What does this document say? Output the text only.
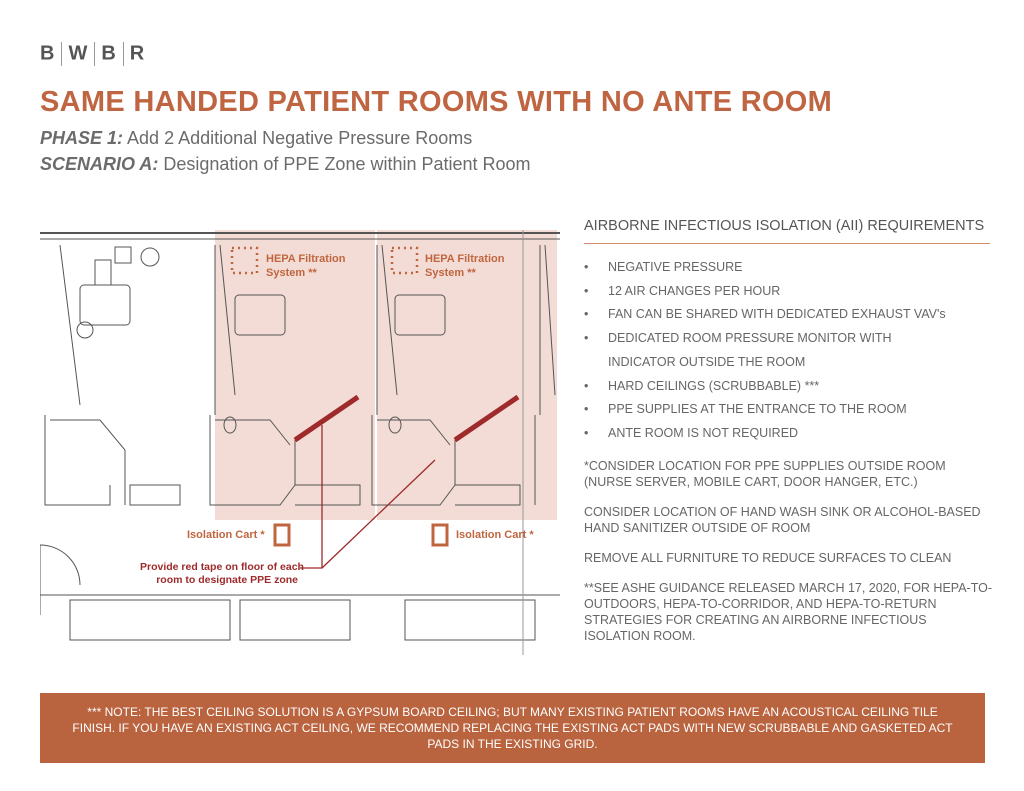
B W B R
SAME HANDED PATIENT ROOMS WITH NO ANTE ROOM
PHASE 1: Add 2 Additional Negative Pressure Rooms
SCENARIO A: Designation of PPE Zone within Patient Room
HEPA Filtration
System **
HEPA Filtration
System **
Isolation Cart *	Isolation Cart *
Provide red tape on floor of each
room to designate PPE zone
AIRBORNE INFECTIOUS ISOLATION (AII) REQUIREMENTS
• NEGATIVE PRESSURE
• 12 AIR CHANGES PER HOUR
• FAN CAN BE SHARED WITH DEDICATED EXHAUST VAV's
• DEDICATED ROOM PRESSURE MONITOR WITH
INDICATOR OUTSIDE THE ROOM
• HARD CEILINGS (SCRUBBABLE) ***
• PPE SUPPLIES AT THE ENTRANCE TO THE ROOM
• ANTE ROOM IS NOT REQUIRED

*CONSIDER LOCATION FOR PPE SUPPLIES OUTSIDE ROOM (NURSE SERVER, MOBILE CART, DOOR HANGER, ETC.)

CONSIDER LOCATION OF HAND WASH SINK OR ALCOHOL-BASED HAND SANITIZER OUTSIDE OF ROOM

REMOVE ALL FURNITURE TO REDUCE SURFACES TO CLEAN

**SEE ASHE GUIDANCE RELEASED MARCH 17, 2020, FOR HEPA-TO-OUTDOORS, HEPA-TO-CORRIDOR, AND HEPA-TO-RETURN STRATEGIES FOR CREATING AN AIRBORNE INFECTIOUS ISOLATION ROOM.

*** NOTE: THE BEST CEILING SOLUTION IS A GYPSUM BOARD CEILING; BUT MANY EXISTING PATIENT ROOMS HAVE AN ACOUSTICAL CEILING TILE FINISH. IF YOU HAVE AN EXISTING ACT CEILING, WE RECOMMEND REPLACING THE EXISTING ACT PADS WITH NEW SCRUBBABLE AND GASKETED ACT PADS IN THE EXISTING GRID.
